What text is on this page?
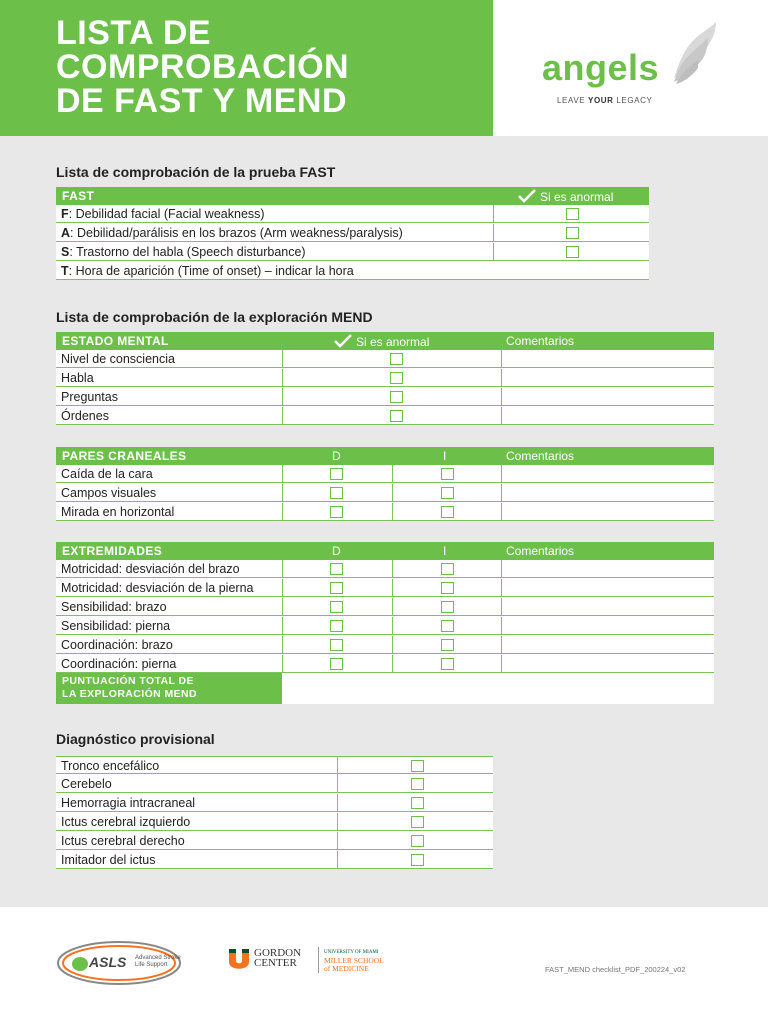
LISTA DE
COMPROBACIÓN
DE FAST Y MEND
angels
LEAVE YOUR LEGACY
Lista de comprobación de la prueba FAST
FAST	Si es anormal
F: Debilidad facial (Facial weakness)
A: Debilidad/parálisis en los brazos (Arm weakness/paralysis)
S: Trastorno del habla (Speech disturbance)
T: Hora de aparición (Time of onset) – indicar la hora
Lista de comprobación de la exploración MEND
ESTADO MENTAL	Si es anormal	Comentarios
Nivel de consciencia
Habla
Preguntas
Órdenes
PARES CRANEALES	D	I	Comentarios
Caída de la cara
Campos visuales
Mirada en horizontal
EXTREMIDADES	D	I	Comentarios
Motricidad: desviación del brazo
Motricidad: desviación de la pierna
Sensibilidad: brazo
Sensibilidad: pierna
Coordinación: brazo
Coordinación: pierna
PUNTUACIÓN TOTAL DE
LA EXPLORACIÓN MEND
Diagnóstico provisional
Tronco encefálico
Cerebelo
Hemorragia intracraneal
Ictus cerebral izquierdo
Ictus cerebral derecho
Imitador del ictus
ASLS Advanced Stroke
Life Support
GORDON
CENTER
UNIVERSITY OF MIAMI
MILLER SCHOOL
of MEDICINE	FAST_MEND checklist_PDF_200224_v02
